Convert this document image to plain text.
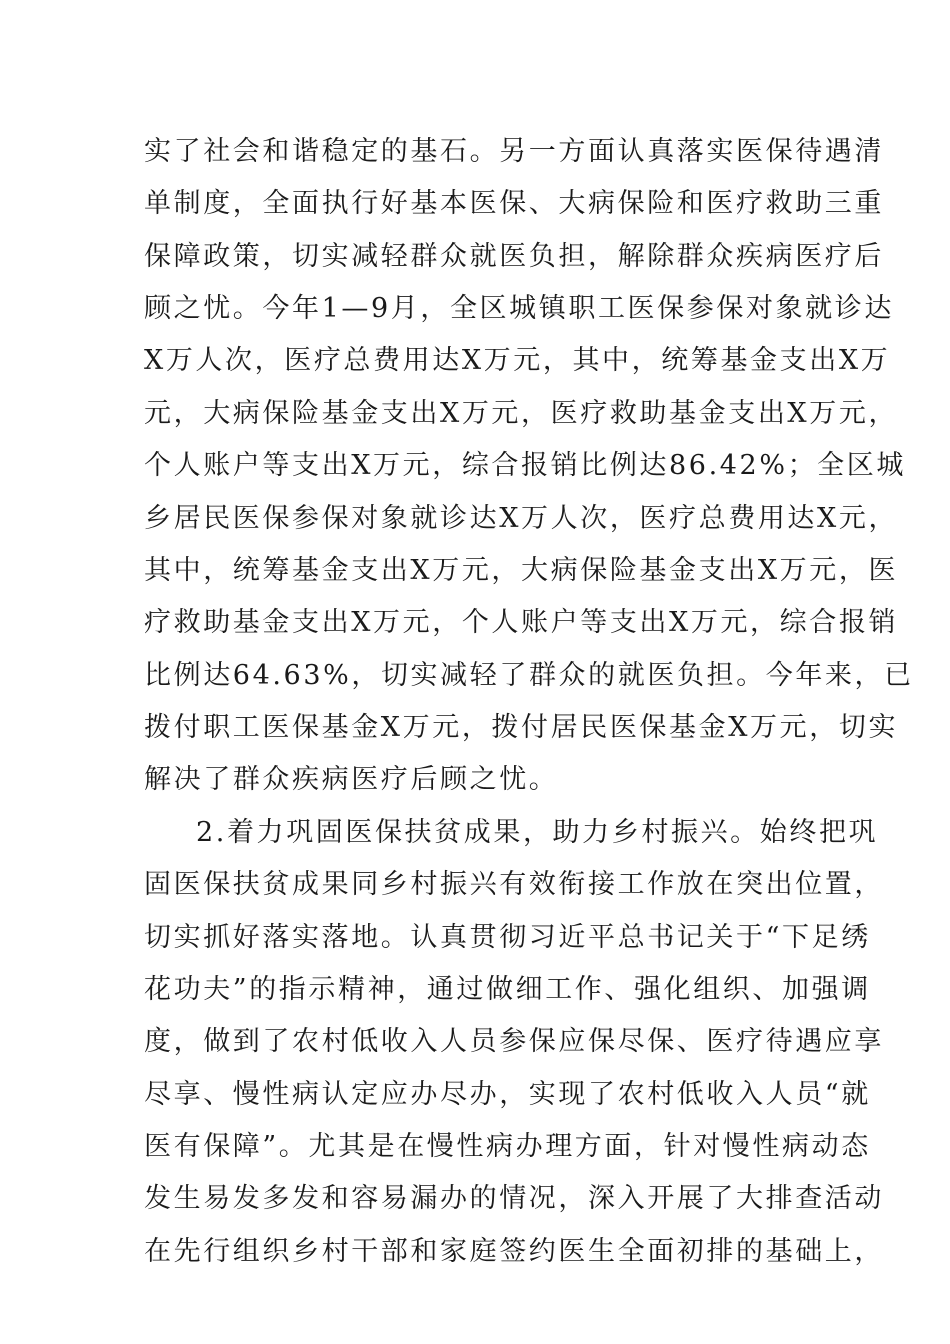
实了社会和谐稳定的基石。另一方面认真落实医保待遇清
单制度，全面执行好基本医保、大病保险和医疗救助三重
保障政策，切实减轻群众就医负担，解除群众疾病医疗后
顾之忧。今年1—9月，全区城镇职工医保参保对象就诊达
X万人次，医疗总费用达X万元，其中，统筹基金支出X万
元，大病保险基金支出X万元，医疗救助基金支出X万元，
个人账户等支出X万元，综合报销比例达86.42%；全区城
乡居民医保参保对象就诊达X万人次，医疗总费用达X元，
其中，统筹基金支出X万元，大病保险基金支出X万元，医
疗救助基金支出X万元，个人账户等支出X万元，综合报销
比例达64.63%，切实减轻了群众的就医负担。今年来，已
拨付职工医保基金X万元，拨付居民医保基金X万元，切实
解决了群众疾病医疗后顾之忧。
2.着力巩固医保扶贫成果，助力乡村振兴。始终把巩
固医保扶贫成果同乡村振兴有效衔接工作放在突出位置，
切实抓好落实落地。认真贯彻习近平总书记关于“下足绣
花功夫”的指示精神，通过做细工作、强化组织、加强调
度，做到了农村低收入人员参保应保尽保、医疗待遇应享
尽享、慢性病认定应办尽办，实现了农村低收入人员“就
医有保障”。尤其是在慢性病办理方面，针对慢性病动态
发生易发多发和容易漏办的情况，深入开展了大排查活动
在先行组织乡村干部和家庭签约医生全面初排的基础上，
